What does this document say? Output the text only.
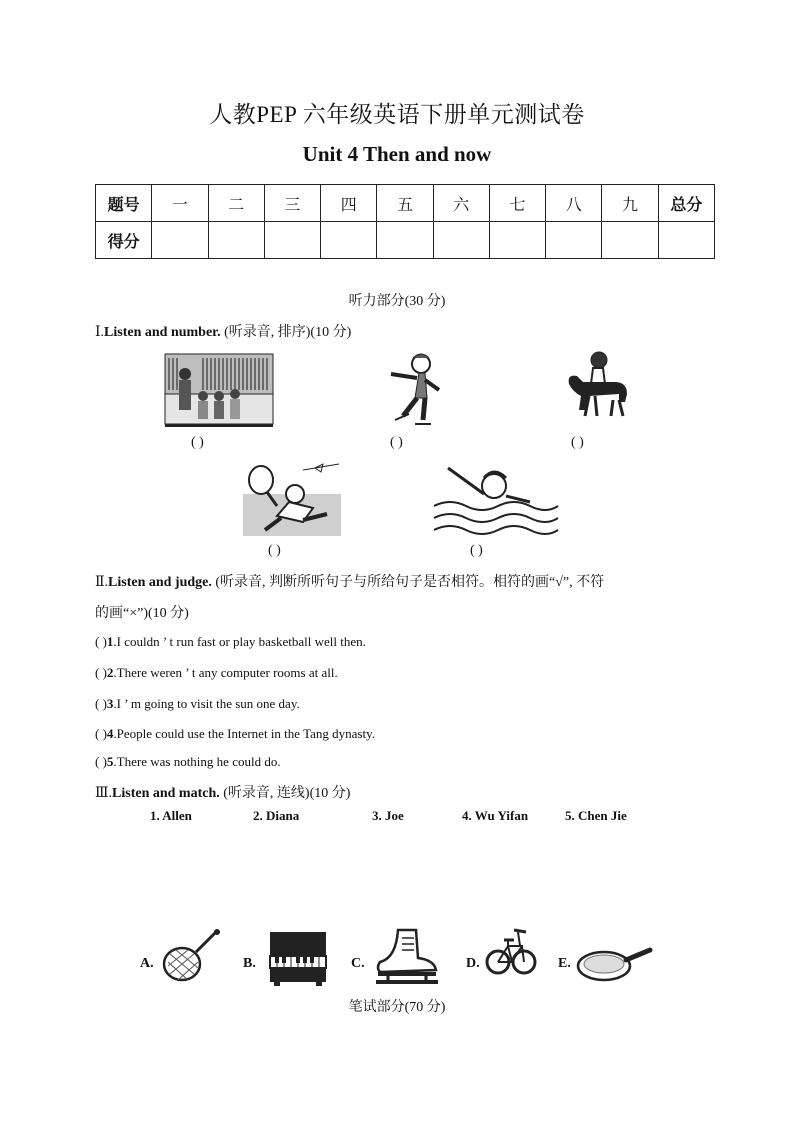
人教PEP 六年级英语下册单元测试卷
Unit 4 Then and now
题号	一	二	三	四	五	六	七	八	九	总分
得分										
听力部分(30 分)
Ⅰ.Listen and number. (听录音, 排序)(10 分)
( )	( )	( )
( )	( )
Ⅱ.Listen and judge. (听录音, 判断所听句子与所给句子是否相符。相符的画“√”, 不符
的画“×”)(10 分)
( )1.I couldn ’ t run fast or play basketball well then.
( )2.There weren ’ t any computer rooms at all.
( )3.I ’ m going to visit the sun one day.
( )4.People could use the Internet in the Tang dynasty.
( )5.There was nothing he could do.
Ⅲ.Listen and match. (听录音, 连线)(10 分)
1. Allen	2. Diana	3. Joe	4. Wu Yifan	5. Chen Jie
A.	B.	C.	D.	E.
笔试部分(70 分)
